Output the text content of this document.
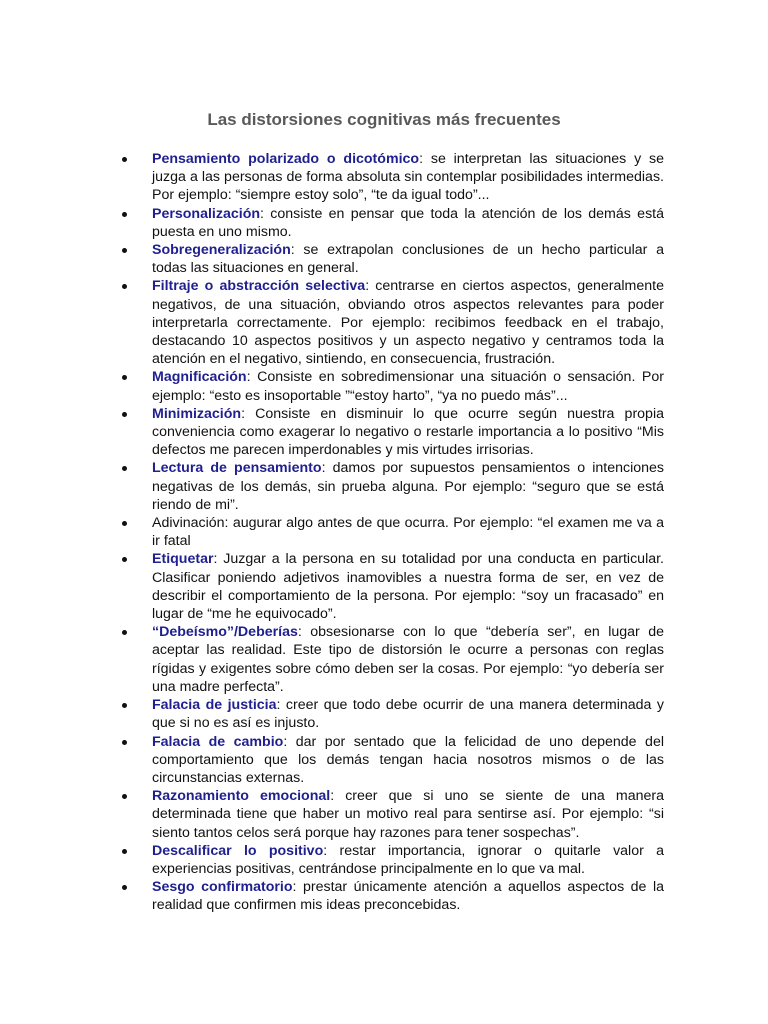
Las distorsiones cognitivas más frecuentes
Pensamiento polarizado o dicotómico: se interpretan las situaciones y se juzga a las personas de forma absoluta sin contemplar posibilidades intermedias. Por ejemplo: “siempre estoy solo”, “te da igual todo”...
Personalización: consiste en pensar que toda la atención de los demás está puesta en uno mismo.
Sobregeneralización: se extrapolan conclusiones de un hecho particular a todas las situaciones en general.
Filtraje o abstracción selectiva: centrarse en ciertos aspectos, generalmente negativos, de una situación, obviando otros aspectos relevantes para poder interpretarla correctamente. Por ejemplo: recibimos feedback en el trabajo, destacando 10 aspectos positivos y un aspecto negativo y centramos toda la atención en el negativo, sintiendo, en consecuencia, frustración.
Magnificación: Consiste en sobredimensionar una situación o sensación. Por ejemplo: “esto es insoportable ”“estoy harto”, “ya no puedo más”...
Minimización: Consiste en disminuir lo que ocurre según nuestra propia conveniencia como exagerar lo negativo o restarle importancia a lo positivo “Mis defectos me parecen imperdonables y mis virtudes irrisorias.
Lectura de pensamiento: damos por supuestos pensamientos o intenciones negativas de los demás, sin prueba alguna. Por ejemplo: “seguro que se está riendo de mi”.
Adivinación: augurar algo antes de que ocurra. Por ejemplo: “el examen me va a ir fatal
Etiquetar: Juzgar a la persona en su totalidad por una conducta en particular. Clasificar poniendo adjetivos inamovibles a nuestra forma de ser, en vez de describir el comportamiento de la persona. Por ejemplo: “soy un fracasado” en lugar de “me he equivocado”.
“Debeísmo”/Deberías: obsesionarse con lo que “debería ser”, en lugar de aceptar las realidad. Este tipo de distorsión le ocurre a personas con reglas rígidas y exigentes sobre cómo deben ser la cosas. Por ejemplo: “yo debería ser una madre perfecta”.
Falacia de justicia: creer que todo debe ocurrir de una manera determinada y que si no es así es injusto.
Falacia de cambio: dar por sentado que la felicidad de uno depende del comportamiento que los demás tengan hacia nosotros mismos o de las circunstancias externas.
Razonamiento emocional: creer que si uno se siente de una manera determinada tiene que haber un motivo real para sentirse así. Por ejemplo: “si siento tantos celos será porque hay razones para tener sospechas”.
Descalificar lo positivo: restar importancia, ignorar o quitarle valor a experiencias positivas, centrándose principalmente en lo que va mal.
Sesgo confirmatorio: prestar únicamente atención a aquellos aspectos de la realidad que confirmen mis ideas preconcebidas.
